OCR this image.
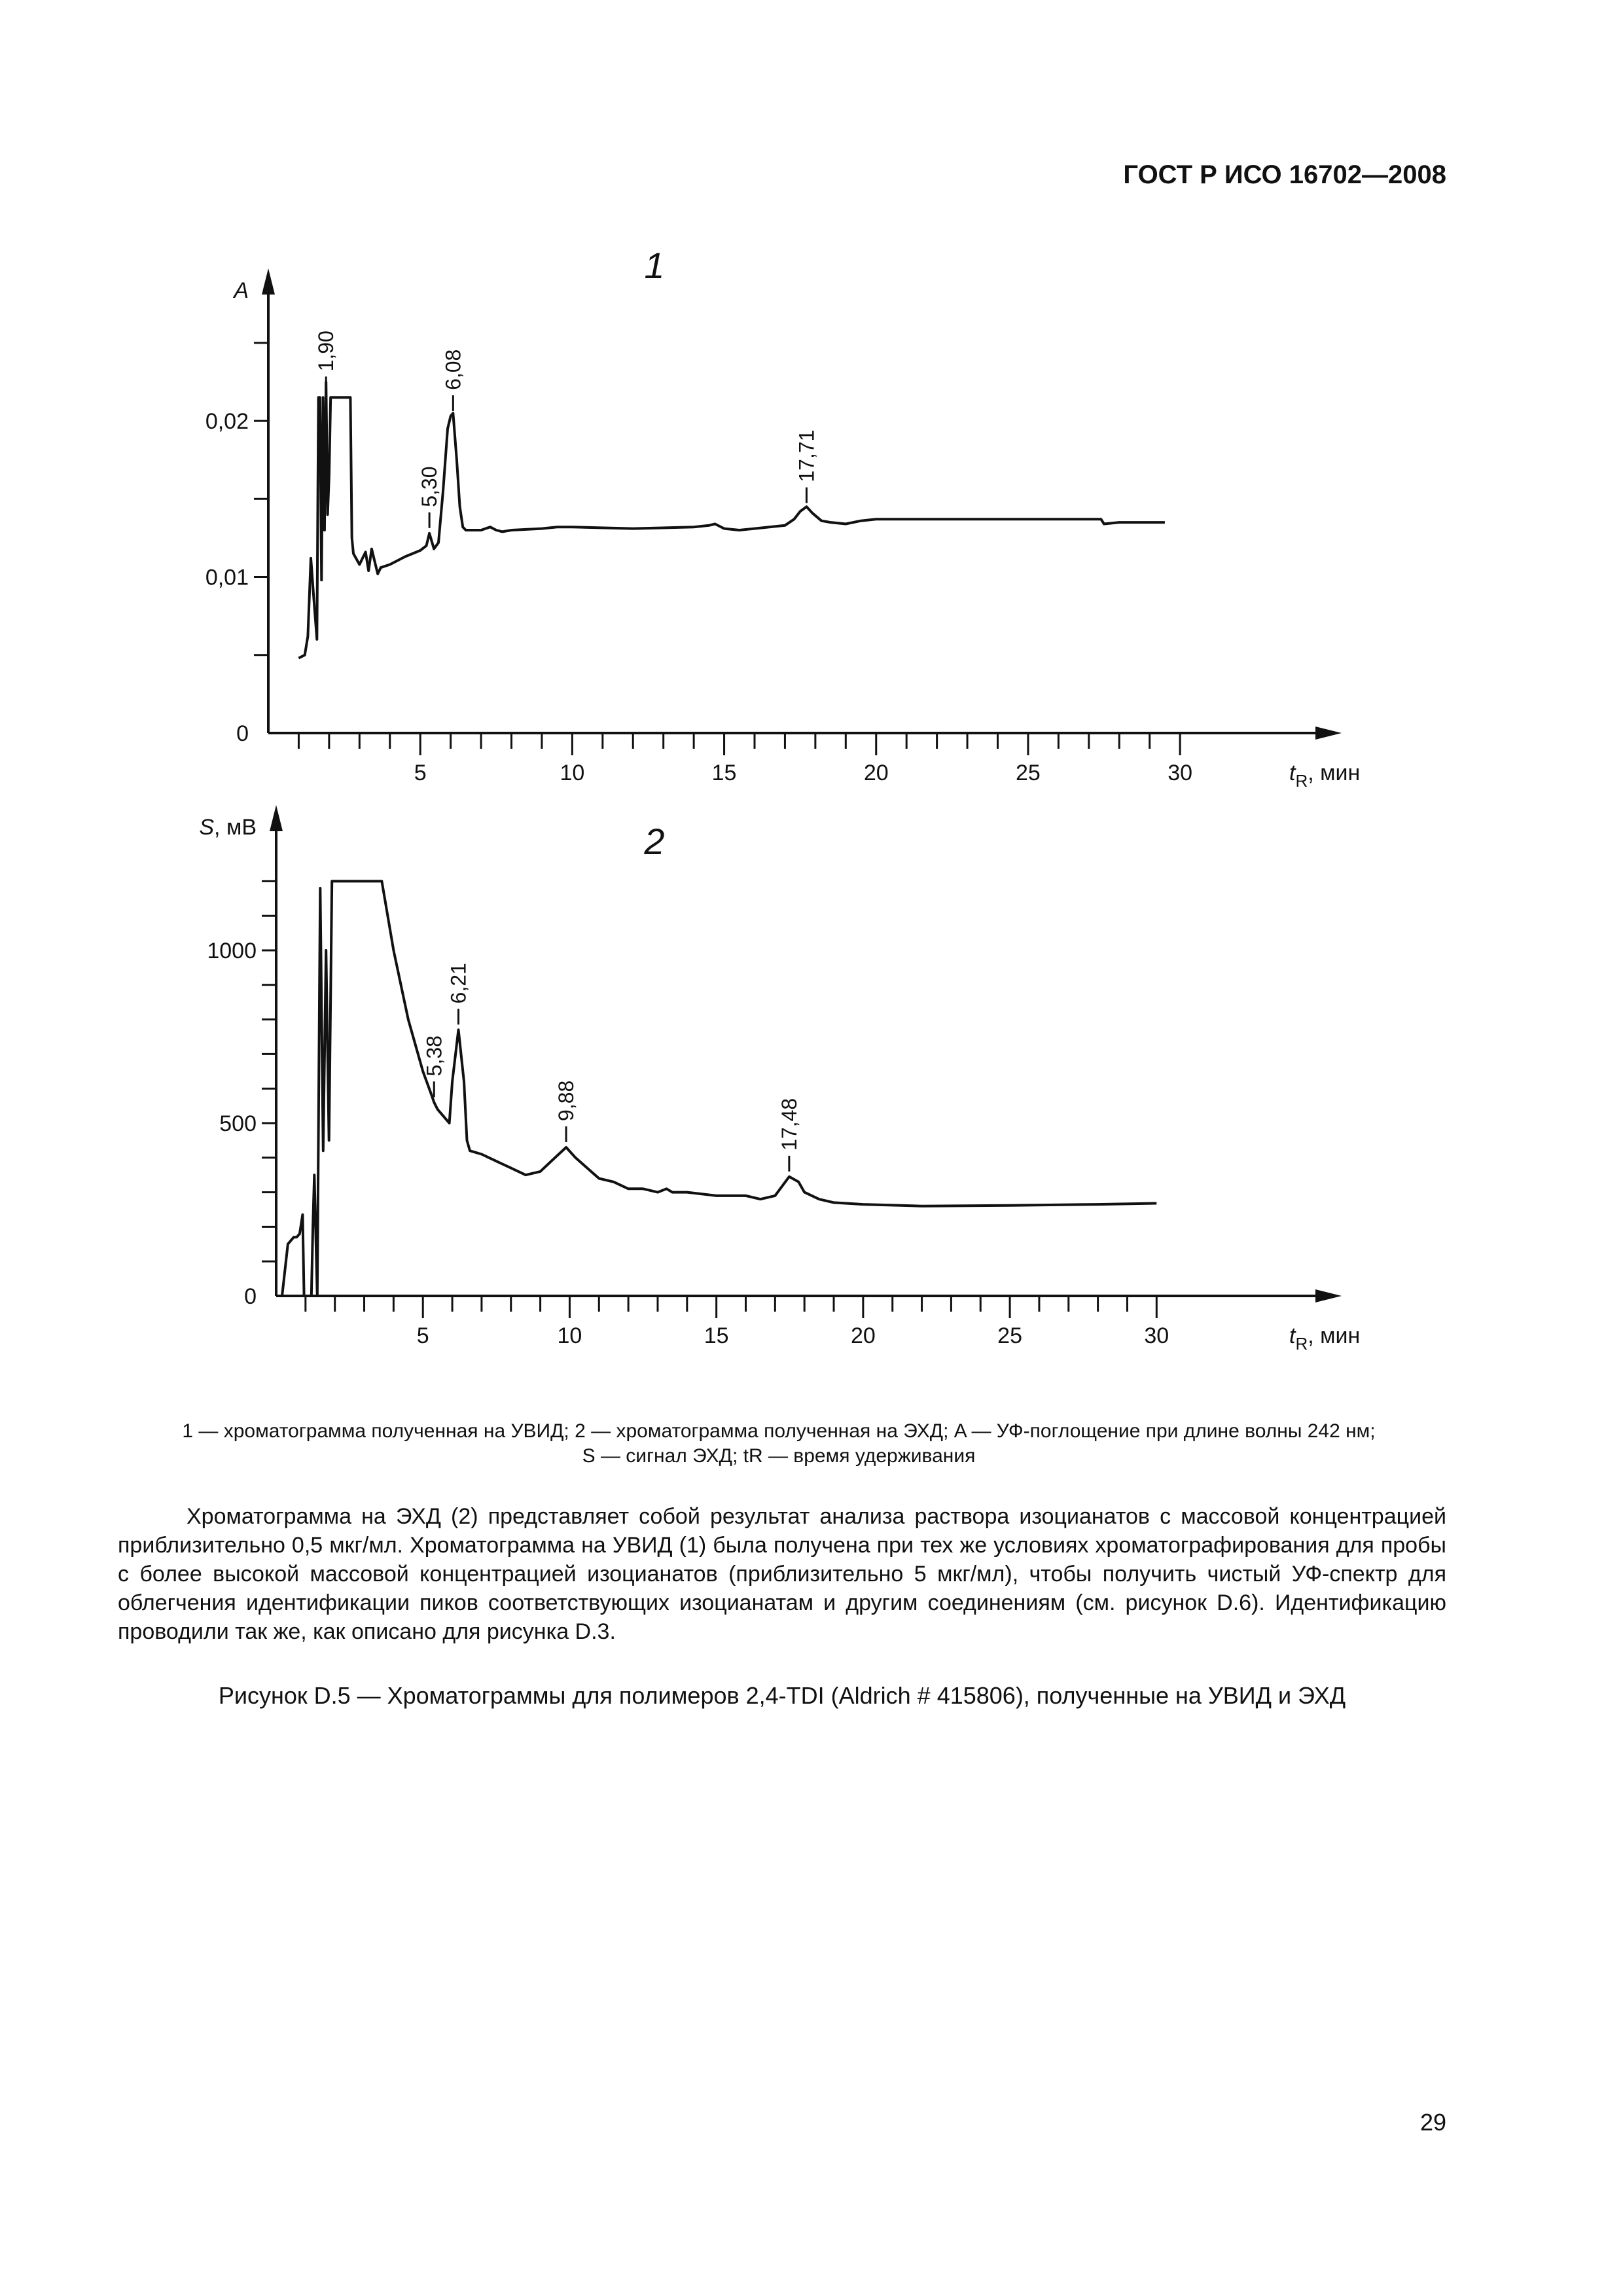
ГОСТ Р ИСО 16702—2008
5	10	15	20	25	30
0
0,01
0,02
A
$t_R$, мин
1
1,90
5,30
6,08
17,71
5	10	15	20	25	30
0
500
1000
S, мВ
$t_R$, мин
2
5,38
6,21
9,88	17,48
1 — хроматограмма полученная на УВИД; 2 — хроматограмма полученная на ЭХД; A — УФ-поглощение при длине волны 242 нм;
S — сигнал ЭХД; tR — время удерживания
Хроматограмма на ЭХД (2) представляет собой результат анализа раствора изоцианатов с массовой концентрацией приблизительно 0,5 мкг/мл. Хроматограмма на УВИД (1) была получена при тех же условиях хроматографирования для пробы с более высокой массовой концентрацией изоцианатов (приблизительно 5 мкг/мл), чтобы получить чистый УФ-спектр для облегчения идентификации пиков соответствующих изоцианатам и другим соединениям (см. рисунок D.6). Идентификацию проводили так же, как описано для рисунка D.3.
Рисунок D.5 — Хроматограммы для полимеров 2,4-TDI (Aldrich # 415806), полученные на УВИД и ЭХД
29
